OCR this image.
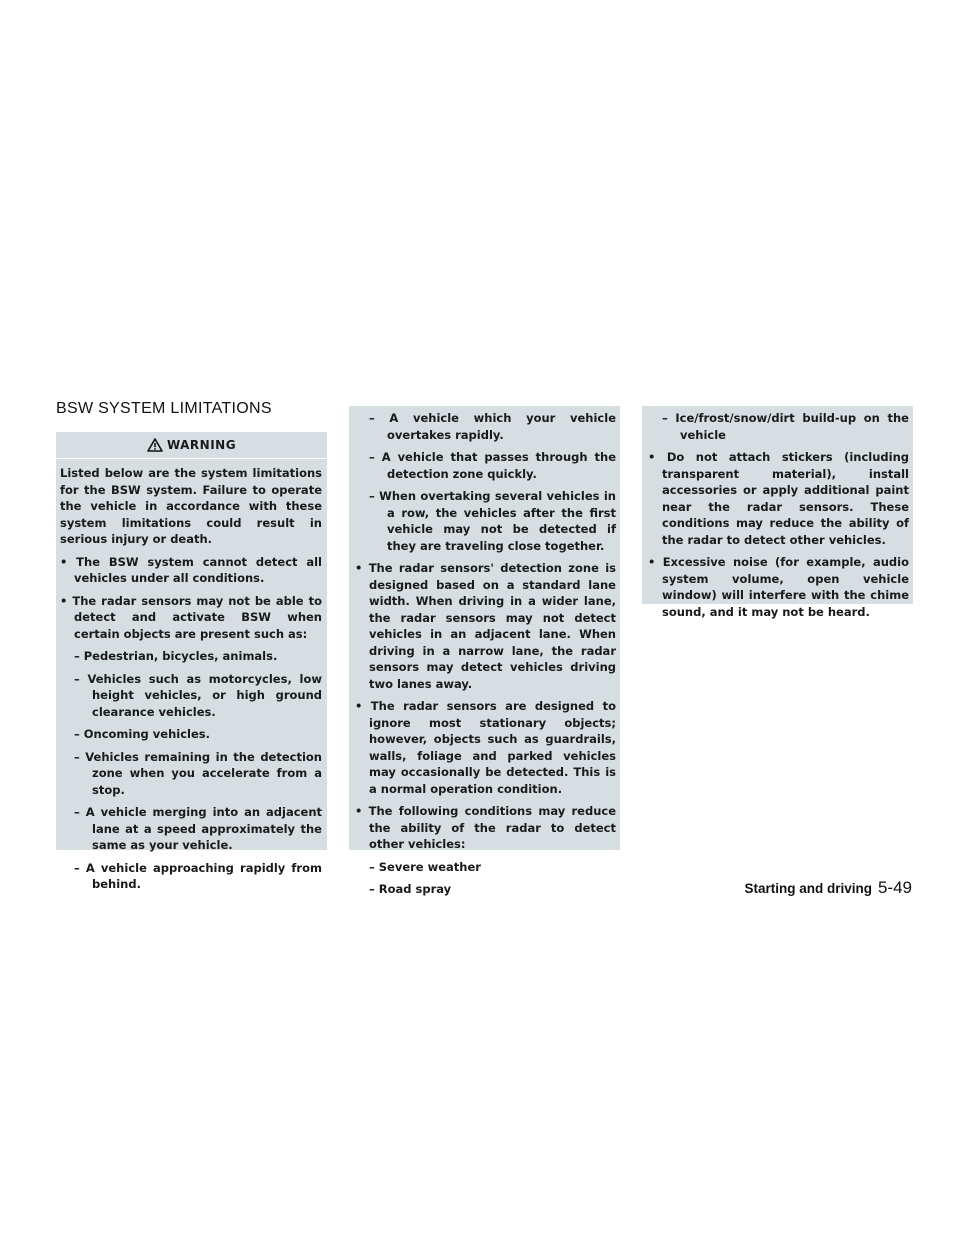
BSW SYSTEM LIMITATIONS
WARNING
Listed below are the system limitations for the BSW system. Failure to operate the vehicle in accordance with these system limitations could result in serious injury or death.
• The BSW system cannot detect all vehicles under all conditions.
• The radar sensors may not be able to detect and activate BSW when certain objects are present such as:
– Pedestrian, bicycles, animals.
– Vehicles such as motorcycles, low height vehicles, or high ground clearance vehicles.
– Oncoming vehicles.
– Vehicles remaining in the detection zone when you accelerate from a stop.
– A vehicle merging into an adjacent lane at a speed approximately the same as your vehicle.
– A vehicle approaching rapidly from behind.
– A vehicle which your vehicle overtakes rapidly.
– A vehicle that passes through the detection zone quickly.
– When overtaking several vehicles in a row, the vehicles after the first vehicle may not be detected if they are traveling close together.
• The radar sensors' detection zone is designed based on a standard lane width. When driving in a wider lane, the radar sensors may not detect vehicles in an adjacent lane. When driving in a narrow lane, the radar sensors may detect vehicles driving two lanes away.
• The radar sensors are designed to ignore most stationary objects; however, objects such as guardrails, walls, foliage and parked vehicles may occasionally be detected. This is a normal operation condition.
• The following conditions may reduce the ability of the radar to detect other vehicles:
– Severe weather
– Road spray
– Ice/frost/snow/dirt build-up on the vehicle
• Do not attach stickers (including transparent material), install accessories or apply additional paint near the radar sensors. These conditions may reduce the ability of the radar to detect other vehicles.
• Excessive noise (for example, audio system volume, open vehicle window) will interfere with the chime sound, and it may not be heard.
Starting and driving 5-49
